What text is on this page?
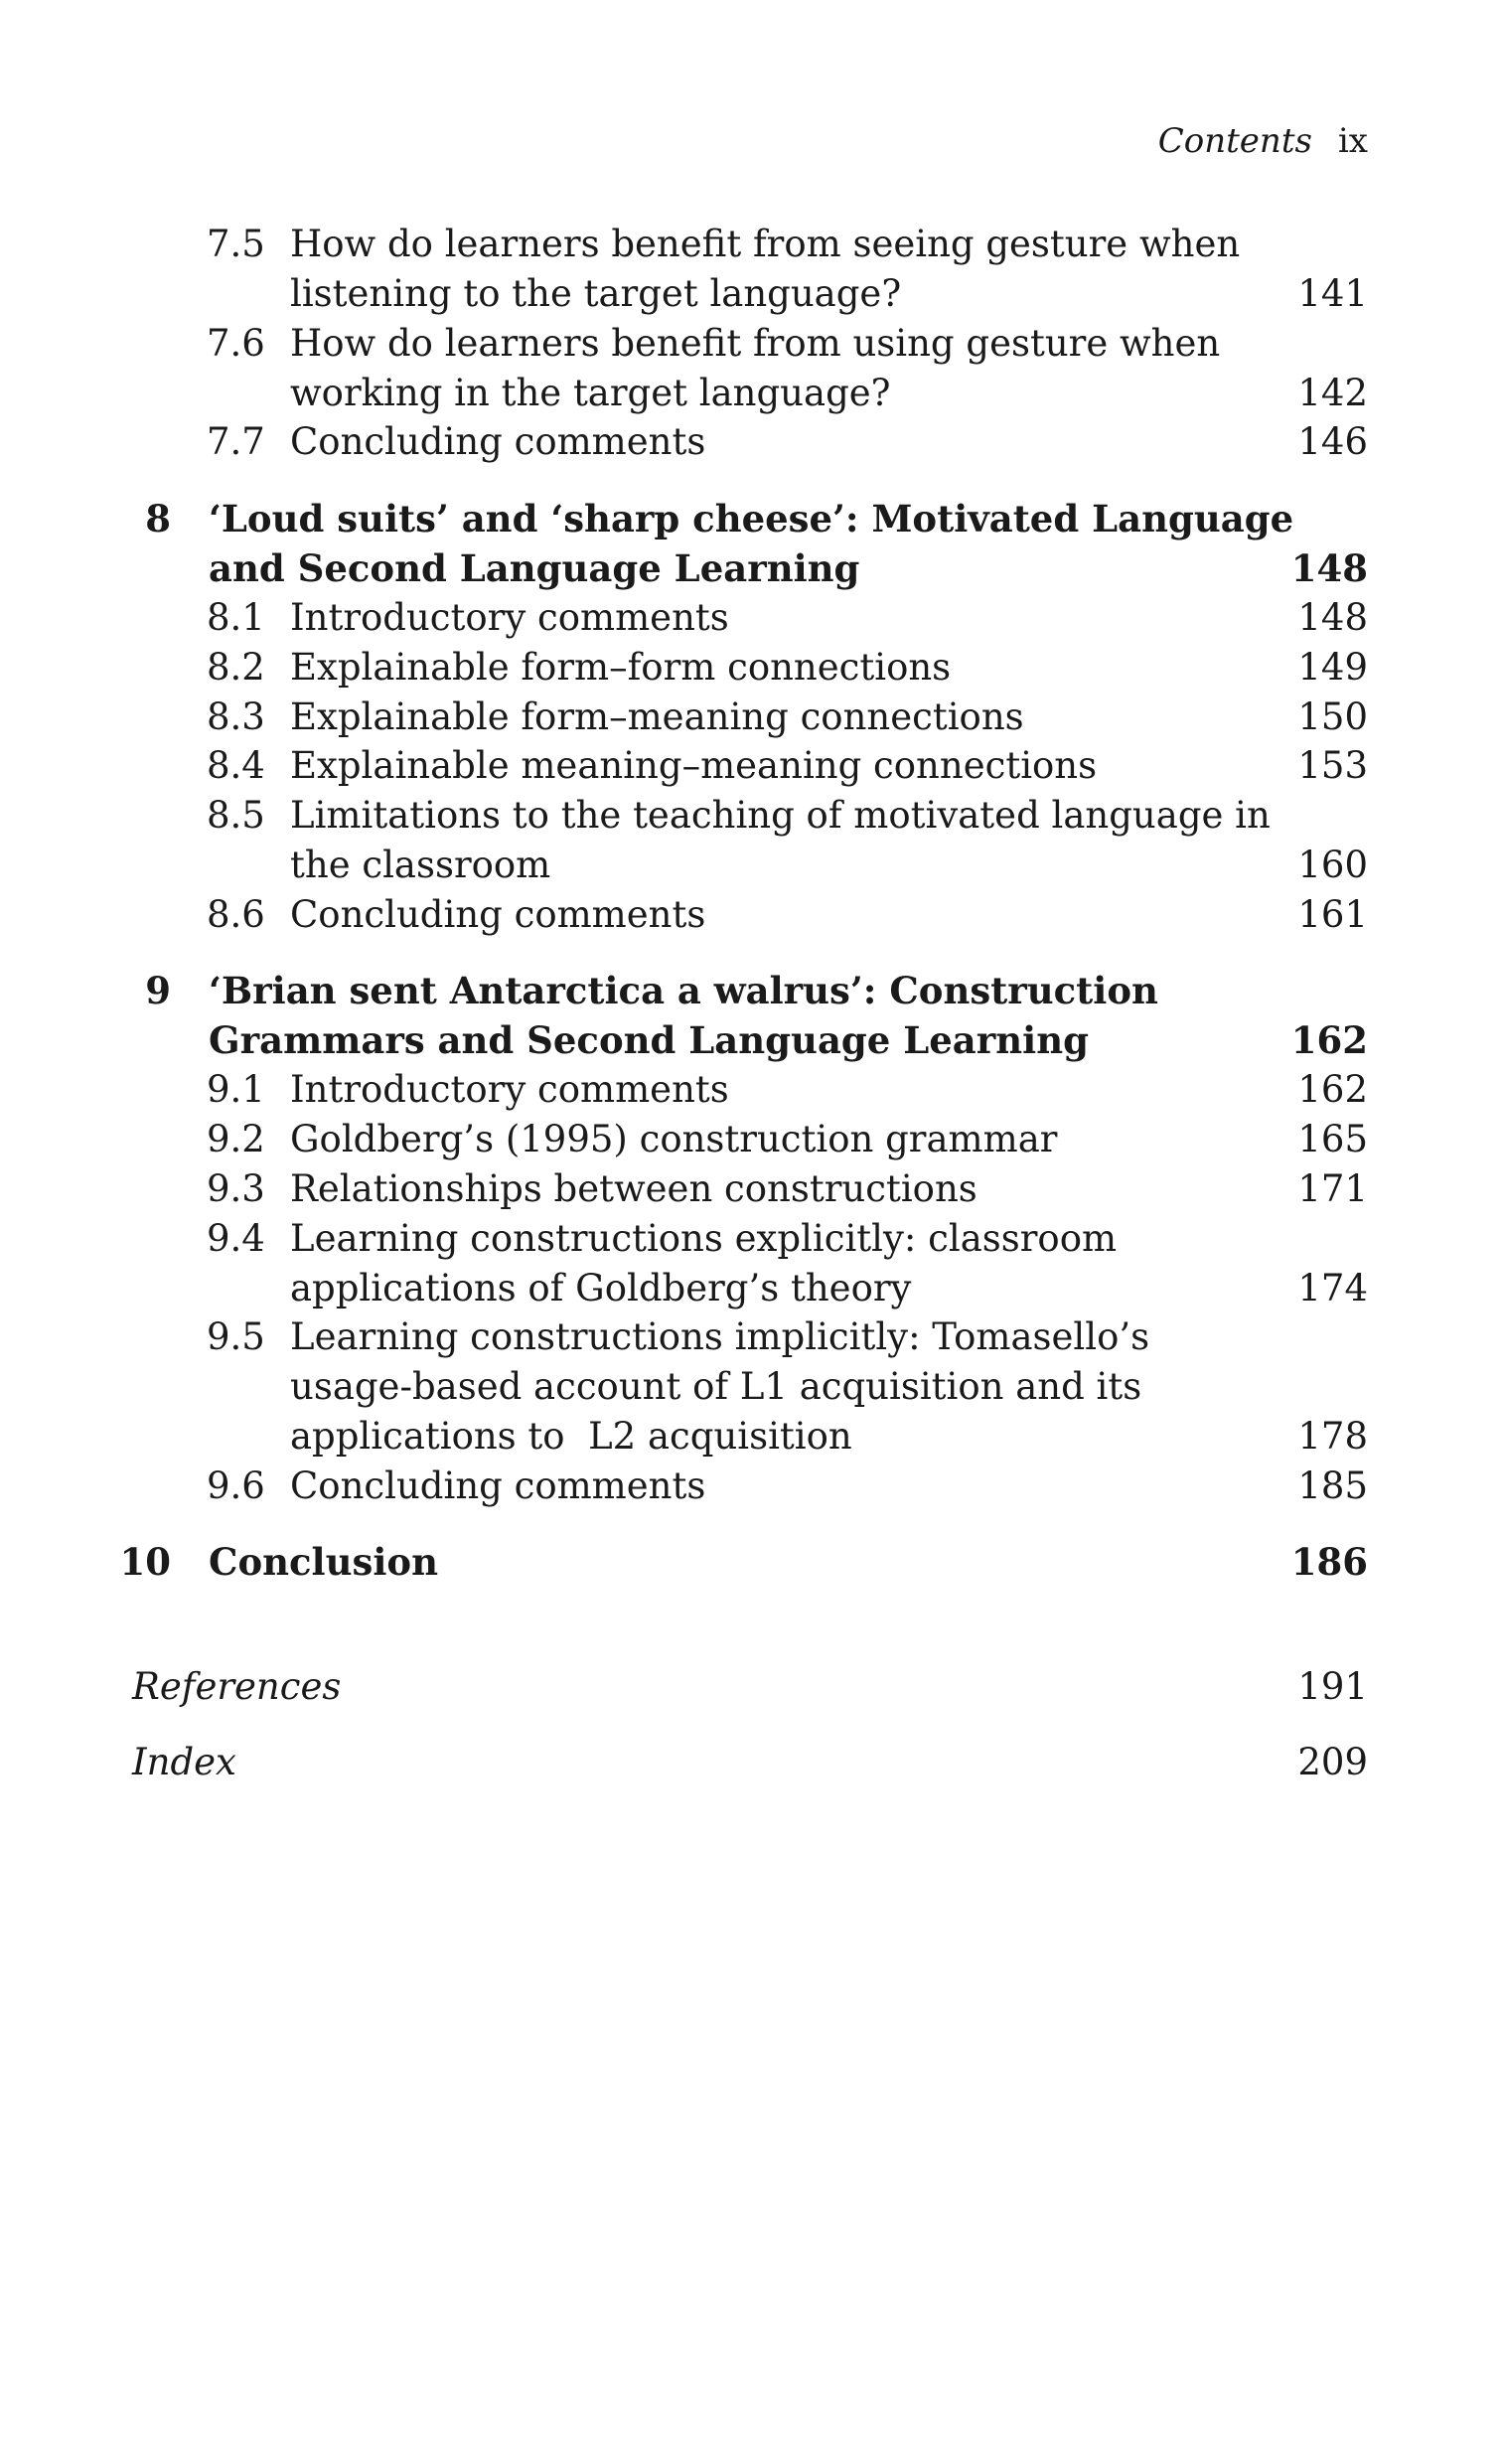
Contents ix
7.5 How do learners benefit from seeing gesture when
listening to the target language?	141
7.6 How do learners benefit from using gesture when
working in the target language?	142
7.7 Concluding comments	146
8 ‘Loud suits’ and ‘sharp cheese’: Motivated Language
and Second Language Learning	148
8.1 Introductory comments	148
8.2 Explainable form–form connections	149
8.3 Explainable form–meaning connections	150
8.4 Explainable meaning–meaning connections	153
8.5 Limitations to the teaching of motivated language in
the classroom	160
8.6 Concluding comments	161
9 ‘Brian sent Antarctica a walrus’: Construction
Grammars and Second Language Learning	162
9.1 Introductory comments	162
9.2 Goldberg’s (1995) construction grammar	165
9.3 Relationships between constructions	171
9.4 Learning constructions explicitly: classroom
applications of Goldberg’s theory	174
9.5 Learning constructions implicitly: Tomasello’s
usage-based account of L1 acquisition and its
applications to  L2 acquisition	178
9.6 Concluding comments	185
10 Conclusion	186
References	191
Index	209
